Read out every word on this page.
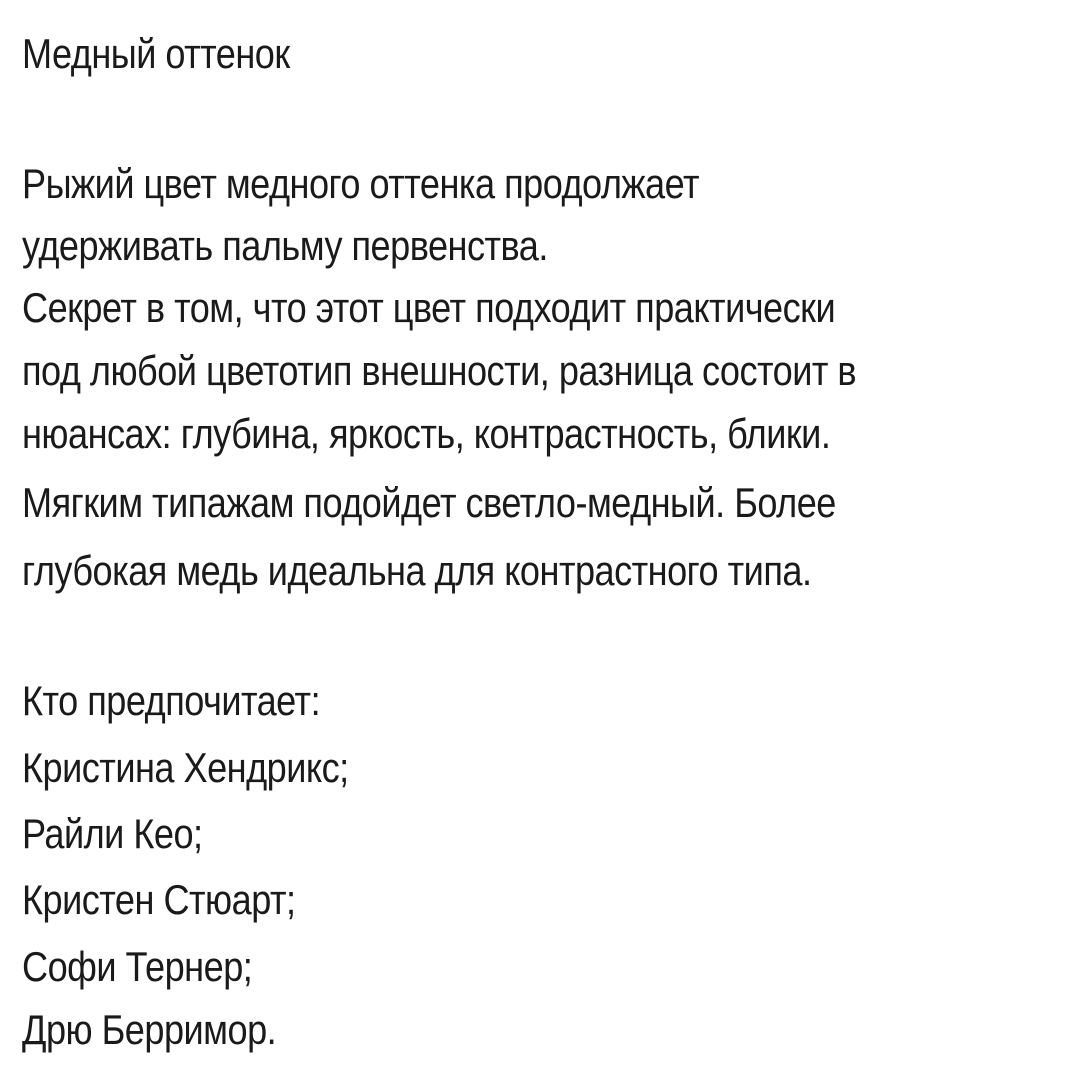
Медный оттенок

Рыжий цвет медного оттенка продолжает

удерживать пальму первенства.

Секрет в том, что этот цвет подходит практически

под любой цветотип внешности, разница состоит в

нюансах: глубина, яркость, контрастность, блики.

Мягким типажам подойдет светло-медный. Более

глубокая медь идеальна для контрастного типа.

Кто предпочитает:

Кристина Хендрикс;

Райли Кео;

Кристен Стюарт;

Софи Тернер;

Дрю Берримор.
